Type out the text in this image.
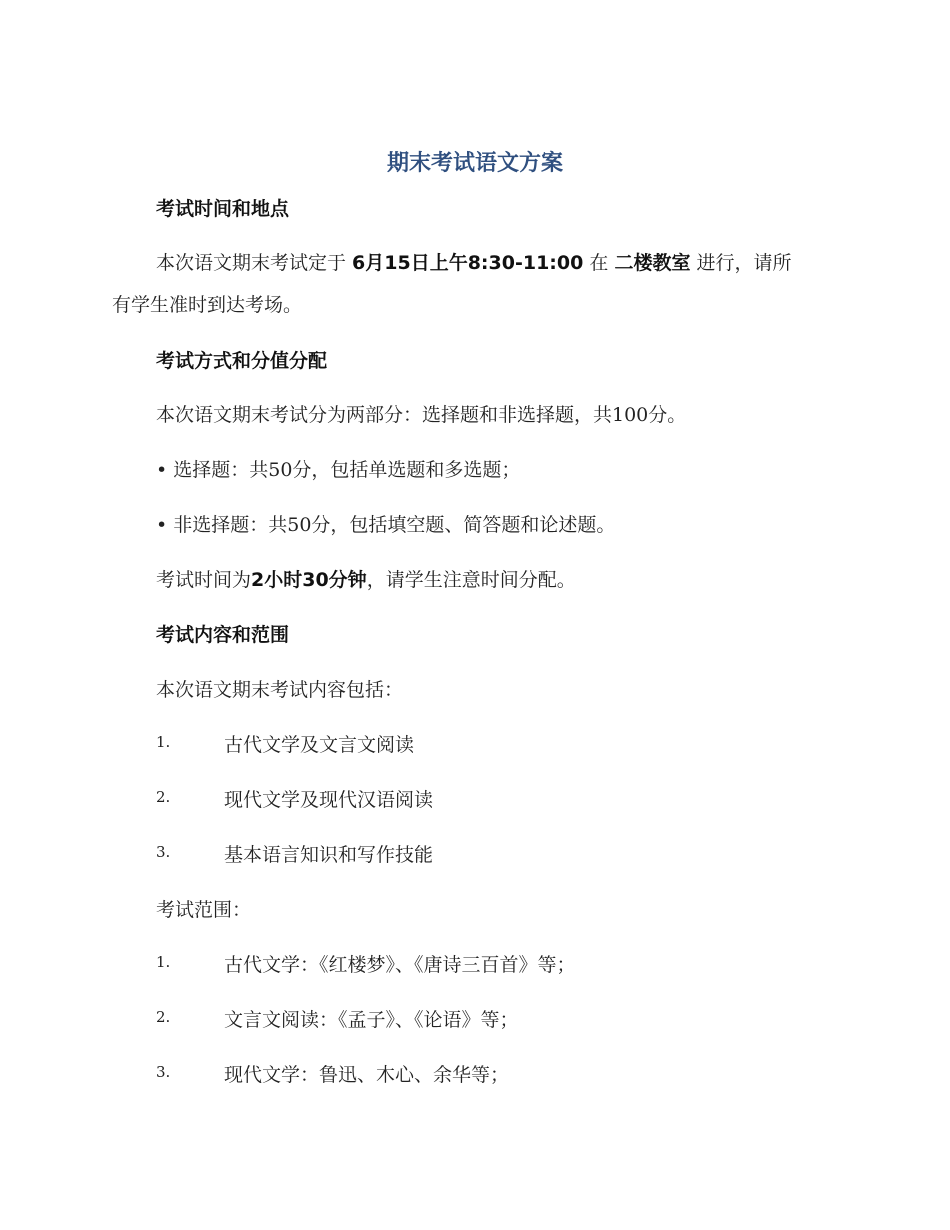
期末考试语文方案
考试时间和地点
本次语文期末考试定于 6月15日上午8:30-11:00 在 二楼教室 进行，请所
有学生准时到达考场。
考试方式和分值分配
本次语文期末考试分为两部分：选择题和非选择题，共100分。
• 选择题：共50分，包括单选题和多选题；
• 非选择题：共50分，包括填空题、简答题和论述题。
考试时间为2小时30分钟，请学生注意时间分配。
考试内容和范围
本次语文期末考试内容包括：
1.	古代文学及文言文阅读
2.	现代文学及现代汉语阅读
3.	基本语言知识和写作技能
考试范围：
1.	古代文学：《红楼梦》、《唐诗三百首》等；
2.	文言文阅读：《孟子》、《论语》等；
3.	现代文学：鲁迅、木心、余华等；
